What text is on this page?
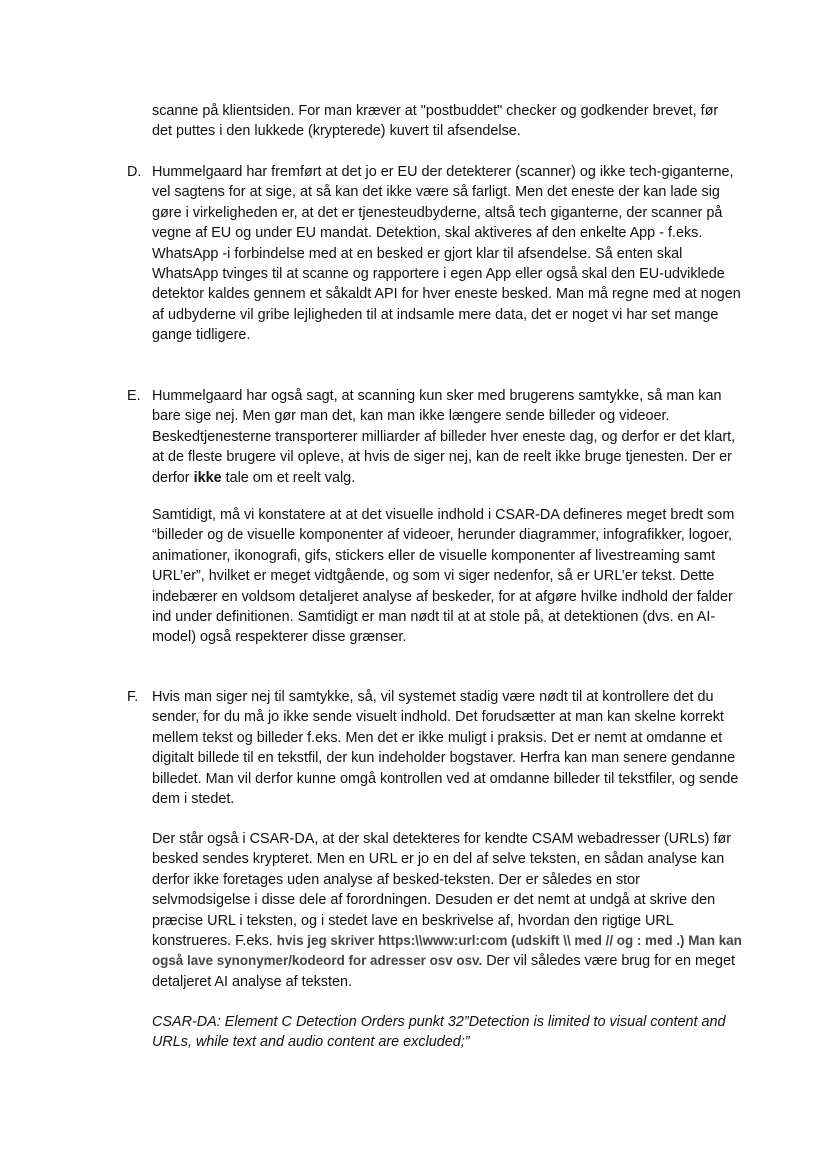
scanne på klientsiden. For man kræver at "postbuddet" checker og godkender brevet, før det puttes i den lukkede (krypterede) kuvert til afsendelse.

D. Hummelgaard har fremført at det jo er EU der detekterer (scanner) og ikke tech-giganterne, vel sagtens for at sige, at så kan det ikke være så farligt. Men det eneste der kan lade sig gøre i virkeligheden er, at det er tjenesteudbyderne, altså tech giganterne, der scanner på vegne af EU og under EU mandat. Detektion, skal aktiveres af den enkelte App - f.eks. WhatsApp -i forbindelse med at en besked er gjort klar til afsendelse. Så enten skal WhatsApp tvinges til at scanne og rapportere i egen App eller også skal den EU-udviklede detektor kaldes gennem et såkaldt API for hver eneste besked. Man må regne med at nogen af udbyderne vil gribe lejligheden til at indsamle mere data, det er noget vi har set mange gange tidligere.
E. Hummelgaard har også sagt, at scanning kun sker med brugerens samtykke, så man kan bare sige nej. Men gør man det, kan man ikke længere sende billeder og videoer. Beskedtjenesterne transporterer milliarder af billeder hver eneste dag, og derfor er det klart, at de fleste brugere vil opleve, at hvis de siger nej, kan de reelt ikke bruge tjenesten. Der er derfor ikke tale om et reelt valg.

Samtidigt, må vi konstatere at at det visuelle indhold i CSAR-DA defineres meget bredt som “billeder og de visuelle komponenter af videoer, herunder diagrammer, infografikker, logoer, animationer, ikonografi, gifs, stickers eller de visuelle komponenter af livestreaming samt URL’er”, hvilket er meget vidtgående, og som vi siger nedenfor, så er URL’er tekst. Dette indebærer en voldsom detaljeret analyse af beskeder, for at afgøre hvilke indhold der falder ind under definitionen. Samtidigt er man nødt til at at stole på, at detektionen (dvs. en AI-model) også respekterer disse grænser.

F. Hvis man siger nej til samtykke, så, vil systemet stadig være nødt til at kontrollere det du sender, for du må jo ikke sende visuelt indhold. Det forudsætter at man kan skelne korrekt mellem tekst og billeder f.eks. Men det er ikke muligt i praksis. Det er nemt at omdanne et digitalt billede til en tekstfil, der kun indeholder bogstaver. Herfra kan man senere gendanne billedet. Man vil derfor kunne omgå kontrollen ved at omdanne billeder til tekstfiler, og sende dem i stedet.

Der står også i CSAR-DA, at der skal detekteres for kendte CSAM webadresser (URLs) før besked sendes krypteret. Men en URL er jo en del af selve teksten, en sådan analyse kan derfor ikke foretages uden analyse af besked-teksten. Der er således en stor selvmodsigelse i disse dele af forordningen. Desuden er det nemt at undgå at skrive den præcise URL i teksten, og i stedet lave en beskrivelse af, hvordan den rigtige URL konstrueres. F.eks. hvis jeg skriver https:\\www:url:com (udskift \\ med // og : med .) Man kan også lave synonymer/kodeord for adresser osv osv. Der vil således være brug for en meget detaljeret AI analyse af teksten.

CSAR-DA: Element C Detection Orders punkt 32”Detection is limited to visual content and URLs, while text and audio content are excluded;”
